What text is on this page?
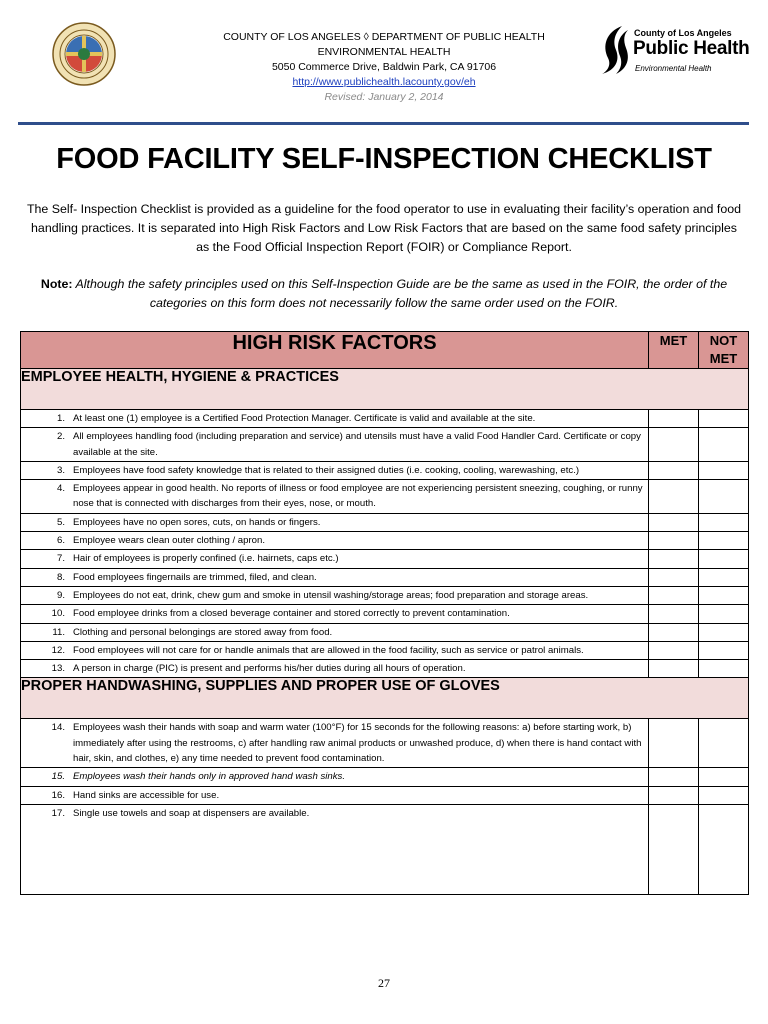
COUNTY OF LOS ANGELES ◊ DEPARTMENT OF PUBLIC HEALTH
ENVIRONMENTAL HEALTH
5050 Commerce Drive, Baldwin Park, CA 91706
http://www.publichealth.lacounty.gov/eh
Revised: January 2, 2014
County of Los Angeles
Public Health
Environmental Health
FOOD FACILITY SELF-INSPECTION CHECKLIST
The Self- Inspection Checklist is provided as a guideline for the food operator to use in evaluating their facility’s operation and food handling practices. It is separated into High Risk Factors and Low Risk Factors that are based on the same food safety principles as the Food Official Inspection Report (FOIR) or Compliance Report.
Note: Although the safety principles used on this Self-Inspection Guide are be the same as used in the FOIR, the order of the categories on this form does not necessarily follow the same order used on the FOIR.
HIGH RISK FACTORS	MET	NOT MET
EMPLOYEE HEALTH, HYGIENE & PRACTICES		

1. At least one (1) employee is a Certified Food Protection Manager. Certificate is valid and available at the site.		

2. All employees handling food (including preparation and service) and utensils must have a valid Food Handler Card. Certificate or copy available at the site.		

3. Employees have food safety knowledge that is related to their assigned duties (i.e. cooking, cooling, warewashing, etc.)		

4. Employees appear in good health. No reports of illness or food employee are not experiencing persistent sneezing, coughing, or runny nose that is connected with discharges from their eyes, nose, or mouth.		

5. Employees have no open sores, cuts, on hands or fingers.		

6. Employee wears clean outer clothing / apron.		

7. Hair of employees is properly confined (i.e. hairnets, caps etc.)		

8. Food employees fingernails are trimmed, filed, and clean.		

9. Employees do not eat, drink, chew gum and smoke in utensil washing/storage areas; food preparation and storage areas.		

10. Food employee drinks from a closed beverage container and stored correctly to prevent contamination.		

11. Clothing and personal belongings are stored away from food.		

12. Food employees will not care for or handle animals that are allowed in the food facility, such as service or patrol animals.		

13. A person in charge (PIC) is present and performs his/her duties during all hours of operation.		

PROPER HANDWASHING, SUPPLIES AND PROPER USE OF GLOVES		

14. Employees wash their hands with soap and warm water (100°F) for 15 seconds for the following reasons: a) before starting work, b) immediately after using the restrooms, c) after handling raw animal products or unwashed produce, d) when there is hand contact with hair, skin, and clothes, e) any time needed to prevent food contamination.		

15. Employees wash their hands only in approved hand wash sinks.		

16. Hand sinks are accessible for use.		

17. Single use towels and soap at dispensers are available.		

27
